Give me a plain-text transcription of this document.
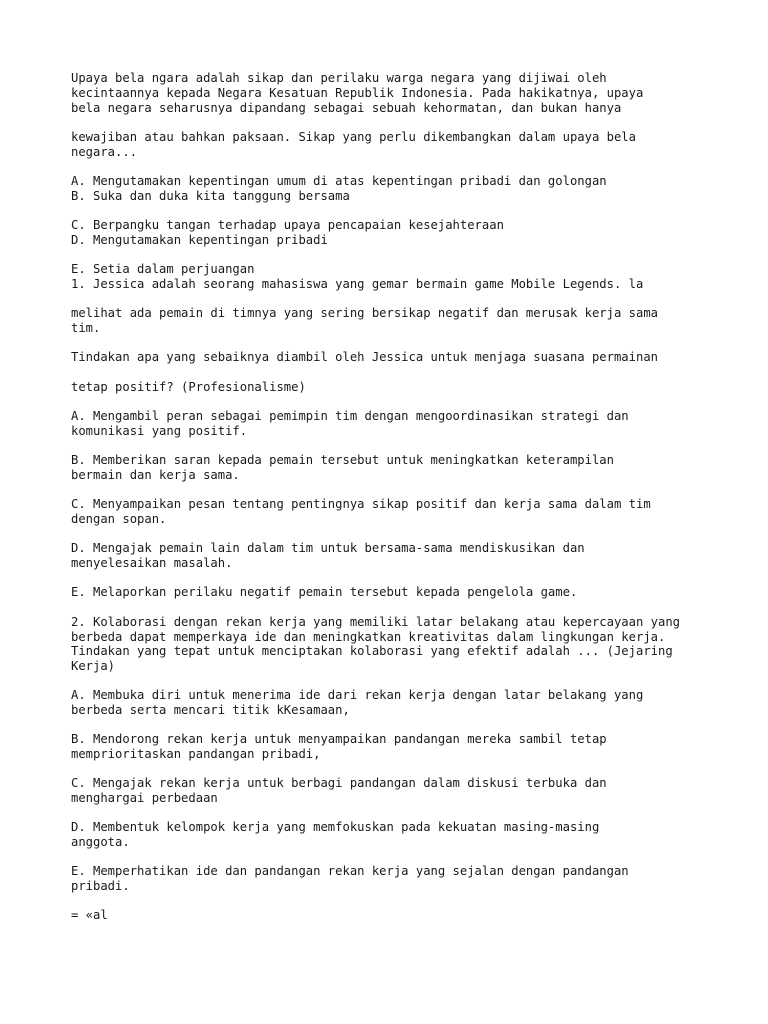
Upaya bela ngara adalah sikap dan perilaku warga negara yang dijiwai oleh
kecintaannya kepada Negara Kesatuan Republik Indonesia. Pada hakikatnya, upaya
bela negara seharusnya dipandang sebagai sebuah kehormatan, dan bukan hanya
kewajiban atau bahkan paksaan. Sikap yang perlu dikembangkan dalam upaya bela
negara...
A. Mengutamakan kepentingan umum di atas kepentingan pribadi dan golongan
B. Suka dan duka kita tanggung bersama
C. Berpangku tangan terhadap upaya pencapaian kesejahteraan
D. Mengutamakan kepentingan pribadi
E. Setia dalam perjuangan
1. Jessica adalah seorang mahasiswa yang gemar bermain game Mobile Legends. la
melihat ada pemain di timnya yang sering bersikap negatif dan merusak kerja sama
tim.
Tindakan apa yang sebaiknya diambil oleh Jessica untuk menjaga suasana permainan
tetap positif? (Profesionalisme)
A. Mengambil peran sebagai pemimpin tim dengan mengoordinasikan strategi dan
komunikasi yang positif.
B. Memberikan saran kepada pemain tersebut untuk meningkatkan keterampilan
bermain dan kerja sama.
C. Menyampaikan pesan tentang pentingnya sikap positif dan kerja sama dalam tim
dengan sopan.
D. Mengajak pemain lain dalam tim untuk bersama-sama mendiskusikan dan
menyelesaikan masalah.
E. Melaporkan perilaku negatif pemain tersebut kepada pengelola game.
2. Kolaborasi dengan rekan kerja yang memiliki latar belakang atau kepercayaan yang
berbeda dapat memperkaya ide dan meningkatkan kreativitas dalam lingkungan kerja.
Tindakan yang tepat untuk menciptakan kolaborasi yang efektif adalah ... (Jejaring
Kerja)
A. Membuka diri untuk menerima ide dari rekan kerja dengan latar belakang yang
berbeda serta mencari titik kKesamaan,
B. Mendorong rekan kerja untuk menyampaikan pandangan mereka sambil tetap
memprioritaskan pandangan pribadi,
C. Mengajak rekan kerja untuk berbagi pandangan dalam diskusi terbuka dan
menghargai perbedaan
D. Membentuk kelompok kerja yang memfokuskan pada kekuatan masing-masing
anggota.
E. Memperhatikan ide dan pandangan rekan kerja yang sejalan dengan pandangan
pribadi.
= «al
